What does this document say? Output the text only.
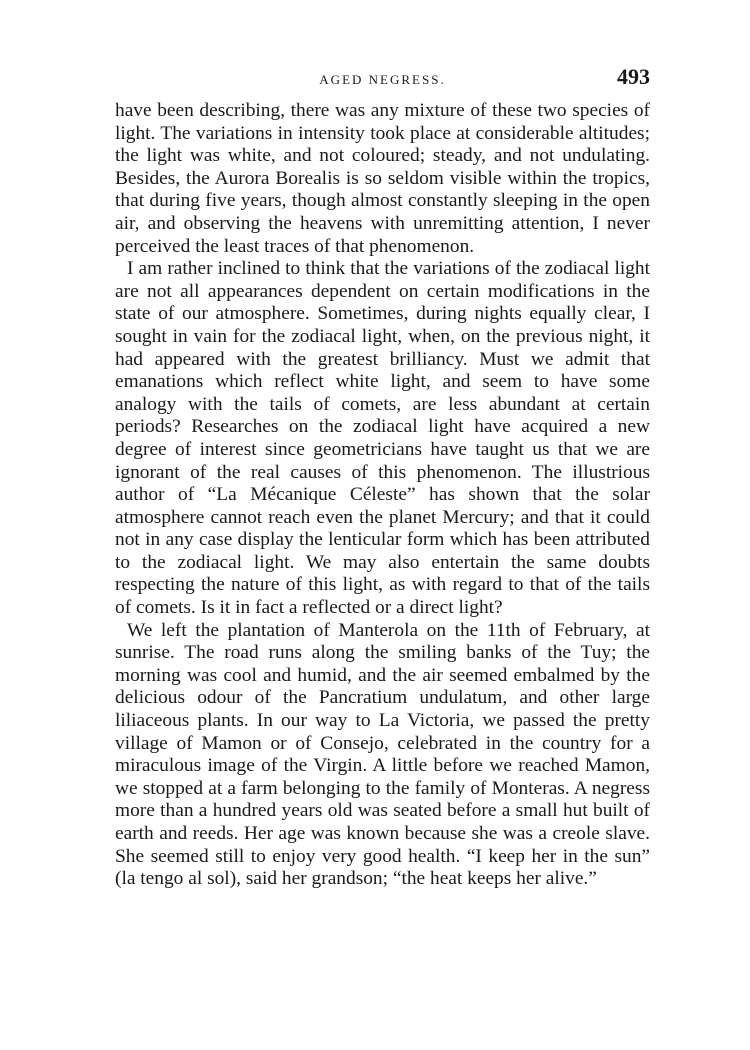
AGED NEGRESS.	493

have been describing, there was any mixture of these two species of light. The variations in intensity took place at considerable altitudes; the light was white, and not coloured; steady, and not undulating. Besides, the Aurora Borealis is so seldom visible within the tropics, that during five years, though almost constantly sleeping in the open air, and observing the heavens with unremitting attention, I never perceived the least traces of that phenomenon.

I am rather inclined to think that the variations of the zodiacal light are not all appearances dependent on certain modifications in the state of our atmosphere. Sometimes, during nights equally clear, I sought in vain for the zodiacal light, when, on the previous night, it had appeared with the greatest brilliancy. Must we admit that emanations which reflect white light, and seem to have some analogy with the tails of comets, are less abundant at certain periods? Researches on the zodiacal light have acquired a new degree of interest since geometricians have taught us that we are ignorant of the real causes of this phenomenon. The illustrious author of “La Mécanique Céleste” has shown that the solar atmosphere cannot reach even the planet Mercury; and that it could not in any case display the lenticular form which has been attributed to the zodiacal light. We may also entertain the same doubts respecting the nature of this light, as with regard to that of the tails of comets. Is it in fact a reflected or a direct light?

We left the plantation of Manterola on the 11th of February, at sunrise. The road runs along the smiling banks of the Tuy; the morning was cool and humid, and the air seemed embalmed by the delicious odour of the Pancratium undulatum, and other large liliaceous plants. In our way to La Victoria, we passed the pretty village of Mamon or of Consejo, celebrated in the country for a miraculous image of the Virgin. A little before we reached Mamon, we stopped at a farm belonging to the family of Monteras. A negress more than a hundred years old was seated before a small hut built of earth and reeds. Her age was known because she was a creole slave. She seemed still to enjoy very good health. “I keep her in the sun” (la tengo al sol), said her grandson; “the heat keeps her alive.”
